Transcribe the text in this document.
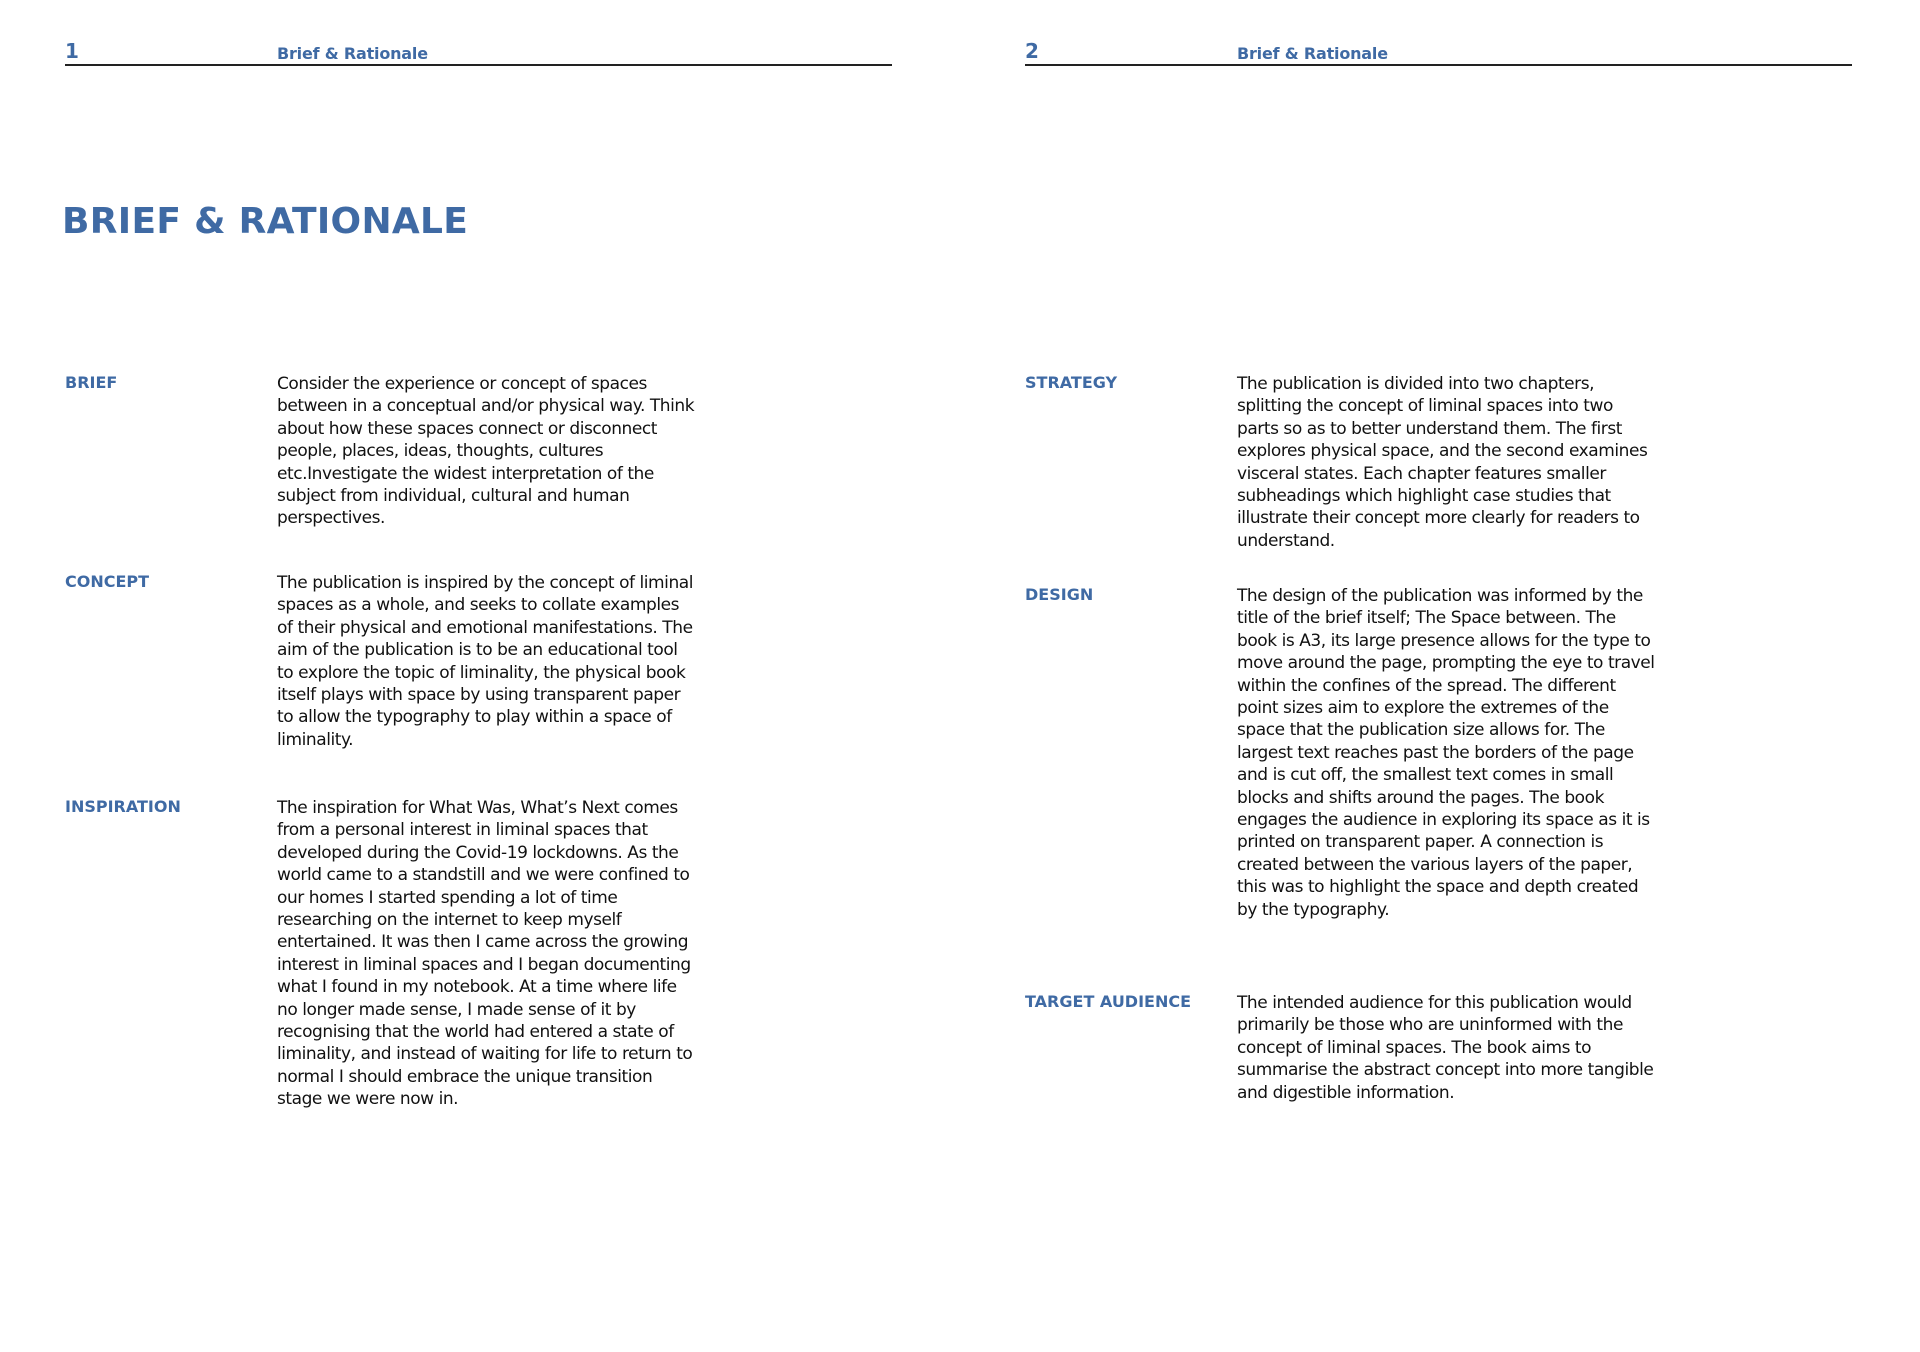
1	Brief & Rationale
BRIEF & RATIONALE
BRIEF	Consider the experience or concept of spaces between in a conceptual and/or physical way. Think about how these spaces connect or disconnect people, places, ideas, thoughts, cultures etc.Investigate the widest interpretation of the subject from individual, cultural and human perspectives.

CONCEPT	The publication is inspired by the concept of liminal spaces as a whole, and seeks to collate examples of their physical and emotional manifestations. The aim of the publication is to be an educational tool to explore the topic of liminality, the physical book itself plays with space by using transparent paper to allow the typography to play within a space of liminality.

INSPIRATION	The inspiration for What Was, What’s Next comes from a personal interest in liminal spaces that developed during the Covid-19 lockdowns. As the world came to a standstill and we were confined to our homes I started spending a lot of time researching on the internet to keep myself entertained. It was then I came across the growing interest in liminal spaces and I began documenting what I found in my notebook. At a time where life no longer made sense, I made sense of it by recognising that the world had entered a state of liminality, and instead of waiting for life to return to normal I should embrace the unique transition stage we were now in.

2	Brief & Rationale
STRATEGY	The publication is divided into two chapters, splitting the concept of liminal spaces into two parts so as to better understand them. The first explores physical space, and the second examines visceral states. Each chapter features smaller subheadings which highlight case studies that illustrate their concept more clearly for readers to understand.

DESIGN	The design of the publication was informed by the title of the brief itself; The Space between. The book is A3, its large presence allows for the type to move around the page, prompting the eye to travel within the confines of the spread. The different point sizes aim to explore the extremes of the space that the publication size allows for. The largest text reaches past the borders of the page and is cut off, the smallest text comes in small blocks and shifts around the pages. The book engages the audience in exploring its space as it is printed on transparent paper. A connection is created between the various layers of the paper, this was to highlight the space and depth created by the typography.

TARGET AUDIENCE	The intended audience for this publication would primarily be those who are uninformed with the concept of liminal spaces. The book aims to summarise the abstract concept into more tangible and digestible information.
